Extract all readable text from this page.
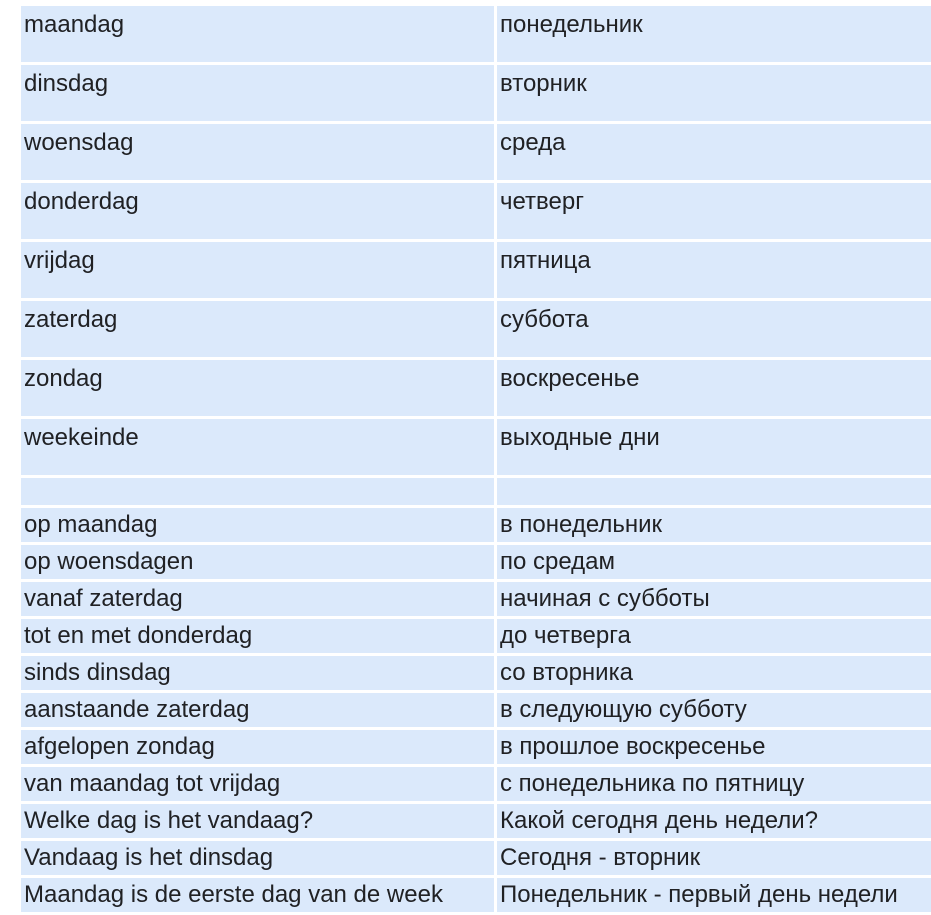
maandag	понедельник
dinsdag	вторник
woensdag	среда
donderdag	четверг
vrijdag	пятница
zaterdag	суббота
zondag	воскресенье
weekeinde	выходные дни

op maandag	в понедельник
op woensdagen	по средам
vanaf zaterdag	начиная с субботы
tot en met donderdag	до четверга
sinds dinsdag	со вторника
aanstaande zaterdag	в следующую субботу
afgelopen zondag	в прошлое воскресенье
van maandag tot vrijdag	с понедельника по пятницу
Welke dag is het vandaag?	Какой сегодня день недели?
Vandaag is het dinsdag	Сегодня - вторник
Maandag is de eerste dag van de week	Понедельник - первый день недели
